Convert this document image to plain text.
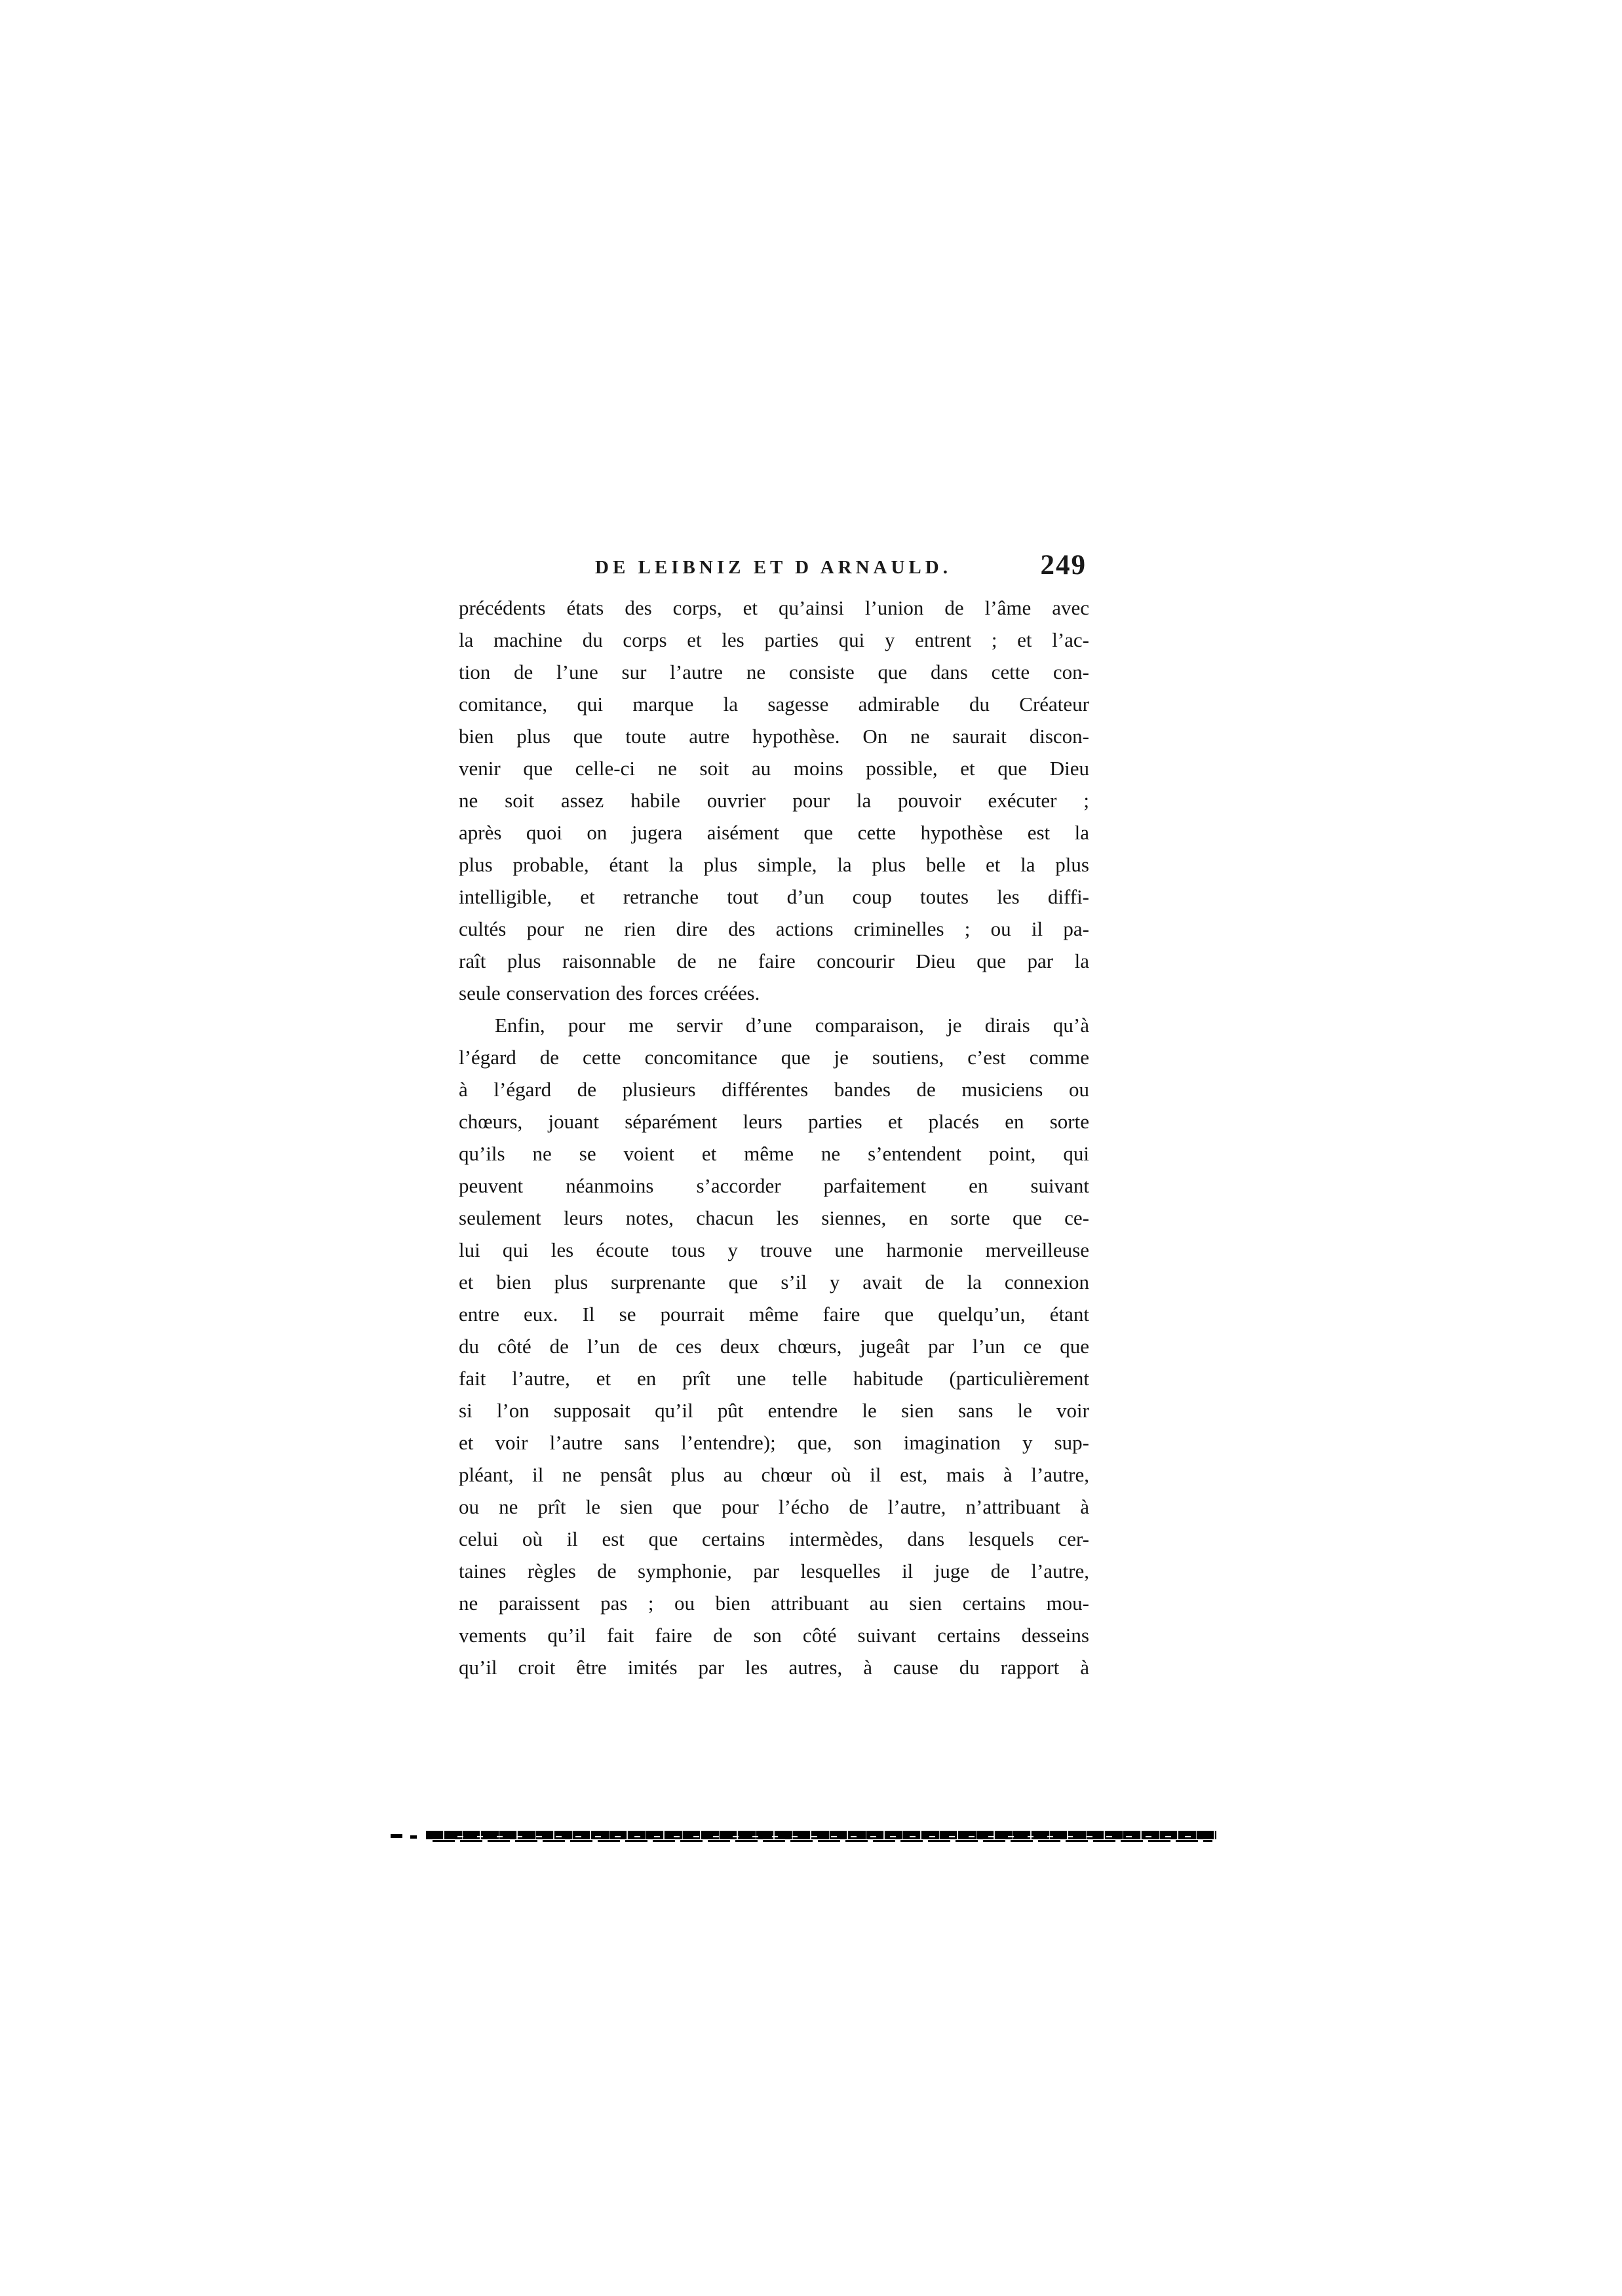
DE LEIBNIZ ET D ARNAULD.	249
précédents états des corps, et qu’ainsi l’union de l’âme avec
la machine du corps et les parties qui y entrent ; et l’ac-
tion de l’une sur l’autre ne consiste que dans cette con-
comitance, qui marque la sagesse admirable du Créateur
bien plus que toute autre hypothèse. On ne saurait discon-
venir que celle-ci ne soit au moins possible, et que Dieu
ne soit assez habile ouvrier pour la pouvoir exécuter ;
après quoi on jugera aisément que cette hypothèse est la
plus probable, étant la plus simple, la plus belle et la plus
intelligible, et retranche tout d’un coup toutes les diffi-
cultés pour ne rien dire des actions criminelles ; ou il pa-
raît plus raisonnable de ne faire concourir Dieu que par la
seule conservation des forces créées.
Enfin, pour me servir d’une comparaison, je dirais qu’à
l’égard de cette concomitance que je soutiens, c’est comme
à l’égard de plusieurs différentes bandes de musiciens ou
chœurs, jouant séparément leurs parties et placés en sorte
qu’ils ne se voient et même ne s’entendent point, qui
peuvent néanmoins s’accorder parfaitement en suivant
seulement leurs notes, chacun les siennes, en sorte que ce-
lui qui les écoute tous y trouve une harmonie merveilleuse
et bien plus surprenante que s’il y avait de la connexion
entre eux. Il se pourrait même faire que quelqu’un, étant
du côté de l’un de ces deux chœurs, jugeât par l’un ce que
fait l’autre, et en prît une telle habitude (particulièrement
si l’on supposait qu’il pût entendre le sien sans le voir
et voir l’autre sans l’entendre); que, son imagination y sup-
pléant, il ne pensât plus au chœur où il est, mais à l’autre,
ou ne prît le sien que pour l’écho de l’autre, n’attribuant à
celui où il est que certains intermèdes, dans lesquels cer-
taines règles de symphonie, par lesquelles il juge de l’autre,
ne paraissent pas ; ou bien attribuant au sien certains mou-
vements qu’il fait faire de son côté suivant certains desseins
qu’il croit être imités par les autres, à cause du rapport à
